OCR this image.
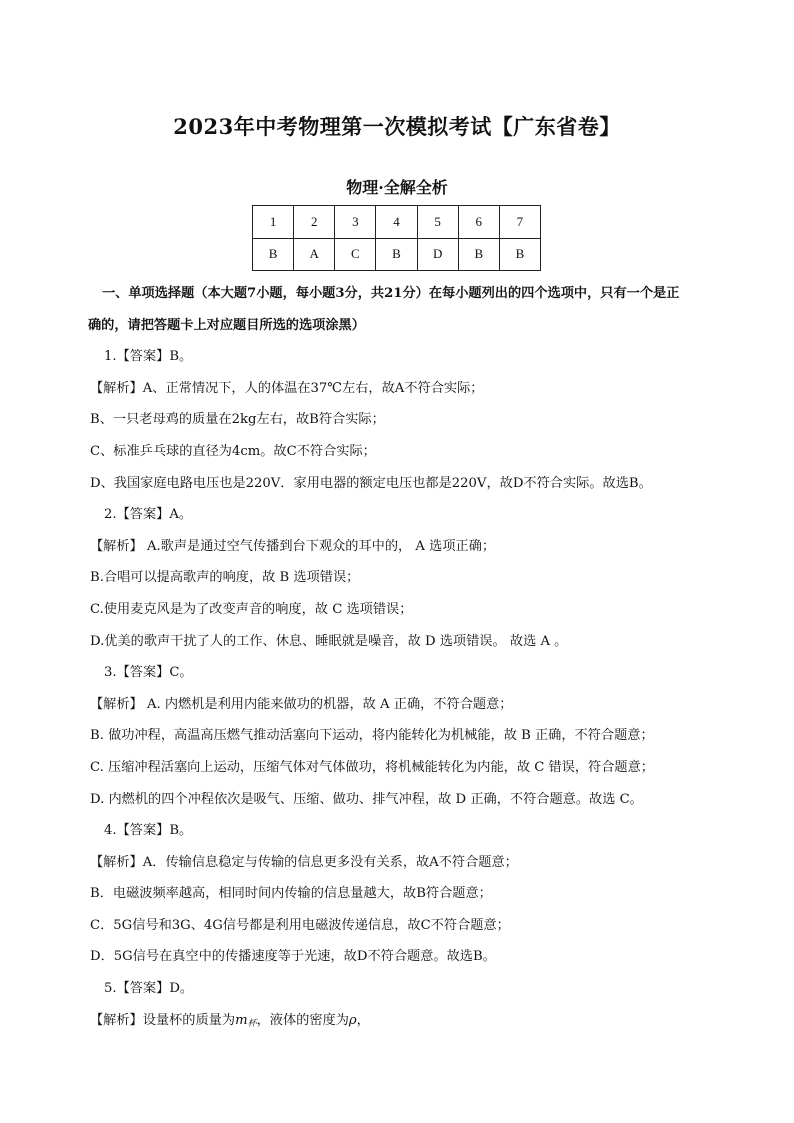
2023年中考物理第一次模拟考试【广东省卷】
物理·全解全析
1	2	3	4	5	6	7
B	A	C	B	D	B	B

一、单项选择题（本大题7小题，每小题3分，共21分）在每小题列出的四个选项中，只有一个是正

确的，请把答题卡上对应题目所选的选项涂黑）

1.【答案】B。

【解析】A、正常情况下，人的体温在37℃左右，故A不符合实际；

B、一只老母鸡的质量在2kg左右，故B符合实际；

C、标准乒乓球的直径为4cm。故C不符合实际；

D、我国家庭电路电压也是220V．家用电器的额定电压也都是220V，故D不符合实际。故选B。

2.【答案】A。

【解析】 A.歌声是通过空气传播到台下观众的耳中的， A 选项正确；

B.合唱可以提高歌声的响度，故 B 选项错误；

C.使用麦克风是为了改变声音的响度，故 C 选项错误；

D.优美的歌声干扰了人的工作、休息、睡眠就是噪音，故 D 选项错误。 故选 A 。

3.【答案】C。

【解析】 A. 内燃机是利用内能来做功的机器，故 A 正确，不符合题意；

B. 做功冲程，高温高压燃气推动活塞向下运动，将内能转化为机械能，故 B 正确，不符合题意；

C. 压缩冲程活塞向上运动，压缩气体对气体做功，将机械能转化为内能，故 C 错误，符合题意；

D. 内燃机的四个冲程依次是吸气、压缩、做功、排气冲程，故 D 正确，不符合题意。故选 C。

4.【答案】B。

【解析】A．传输信息稳定与传输的信息更多没有关系，故A不符合题意；

B．电磁波频率越高，相同时间内传输的信息量越大，故B符合题意；

C．5G信号和3G、4G信号都是利用电磁波传递信息，故C不符合题意；

D．5G信号在真空中的传播速度等于光速，故D不符合题意。故选B。

5.【答案】D。

【解析】设量杯的质量为$m_杯$，液体的密度为ρ，
